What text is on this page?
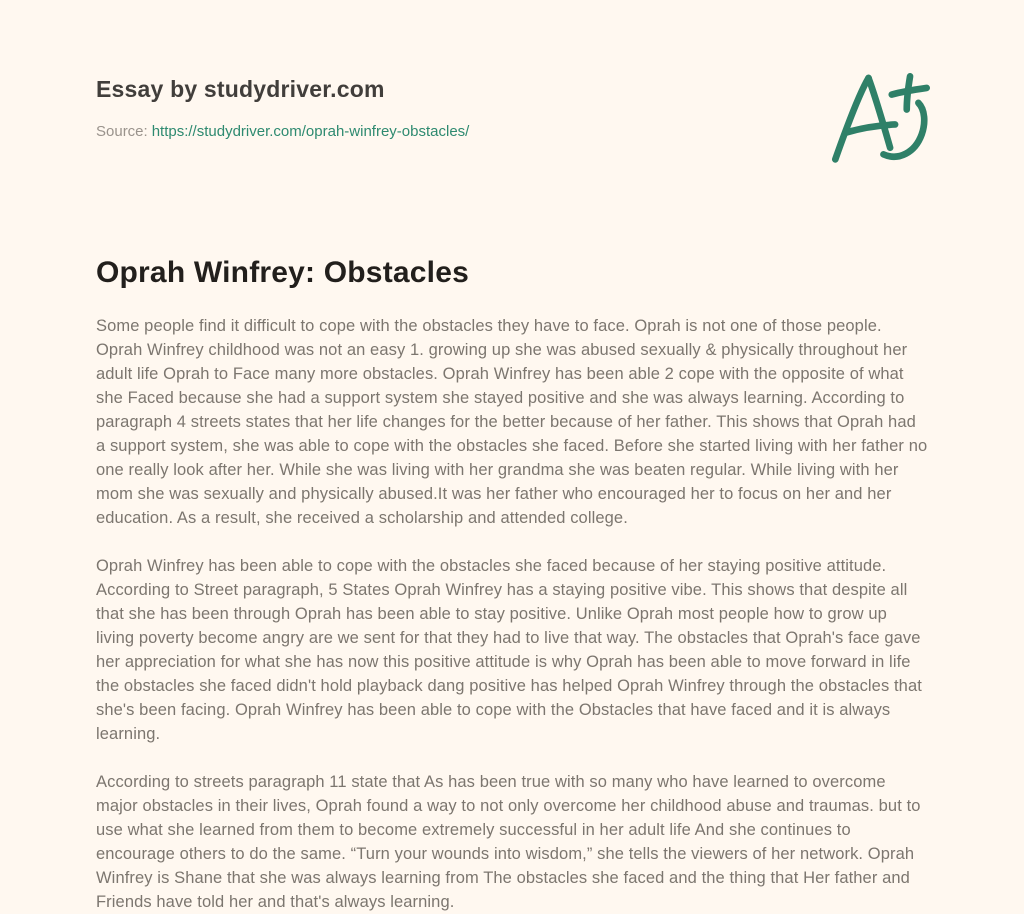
Essay by studydriver.com
Source: https://studydriver.com/oprah-winfrey-obstacles/
Oprah Winfrey: Obstacles

Some people find it difficult to cope with the obstacles they have to face. Oprah is not one of those people. Oprah Winfrey childhood was not an easy 1. growing up she was abused sexually & physically throughout her adult life Oprah to Face many more obstacles. Oprah Winfrey has been able 2 cope with the opposite of what she Faced because she had a support system she stayed positive and she was always learning. According to paragraph 4 streets states that her life changes for the better because of her father. This shows that Oprah had a support system, she was able to cope with the obstacles she faced. Before she started living with her father no one really look after her. While she was living with her grandma she was beaten regular. While living with her mom she was sexually and physically abused.It was her father who encouraged her to focus on her and her education. As a result, she received a scholarship and attended college.

Oprah Winfrey has been able to cope with the obstacles she faced because of her staying positive attitude. According to Street paragraph, 5 States Oprah Winfrey has a staying positive vibe. This shows that despite all that she has been through Oprah has been able to stay positive. Unlike Oprah most people how to grow up living poverty become angry are we sent for that they had to live that way. The obstacles that Oprah's face gave her appreciation for what she has now this positive attitude is why Oprah has been able to move forward in life the obstacles she faced didn't hold playback dang positive has helped Oprah Winfrey through the obstacles that she's been facing. Oprah Winfrey has been able to cope with the Obstacles that have faced and it is always learning.

According to streets paragraph 11 state that As has been true with so many who have learned to overcome major obstacles in their lives, Oprah found a way to not only overcome her childhood abuse and traumas. but to use what she learned from them to become extremely successful in her adult life And she continues to encourage others to do the same. “Turn your wounds into wisdom,” she tells the viewers of her network. Oprah Winfrey is Shane that she was always learning from The obstacles she faced and the thing that Her father and Friends have told her and that's always learning.
